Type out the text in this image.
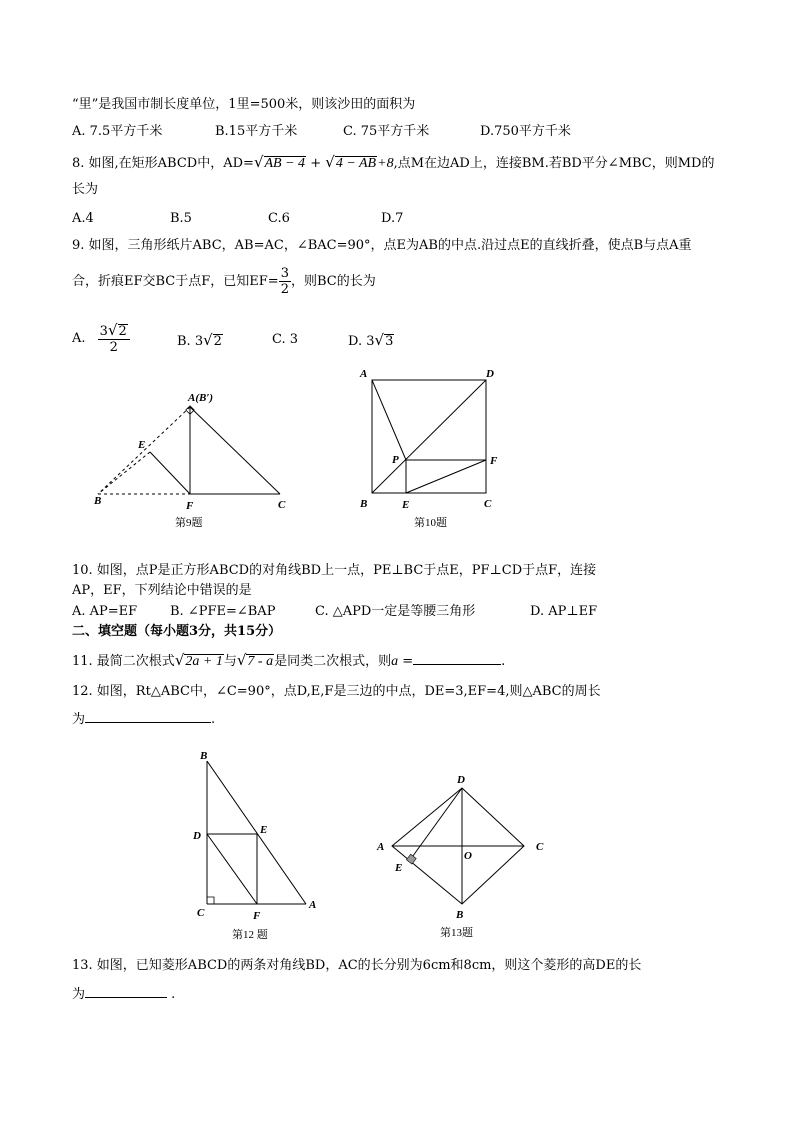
“里”是我国市制长度单位，1里=500米，则该沙田的面积为
A. 7.5平方千米	B.15平方千米	C. 75平方千米	D.750平方千米
8. 如图,在矩形ABCD中，AD=√AB − 4 + √4 − AB+8,点M在边AD上，连接BM.若BD平分∠MBC，则MD的
长为
A.4	B.5	C.6	D.7
9. 如图，三角形纸片ABC，AB=AC，∠BAC=90°，点E为AB的中点.沿过点E的直线折叠，使点B与点A重
合，折痕EF交BC于点F，已知$EF= \frac{3}{2}$ ，则BC的长为
A. $\frac{3√2}{2}$	B. 3√2	C. 3	D. 3√3
A(B′)
E
B	F	C
第9题
A	D
P	F
B	E	C
第10题
10. 如图，点P是正方形ABCD的对角线BD上一点，PE⊥BC于点E，PF⊥CD于点F，连接
AP，EF，下列结论中错误的是
A. AP=EF	B. ∠PFE=∠BAP	C. △APD一定是等腰三角形	D. AP⊥EF
二、填空题（每小题3分，共15分）
11. 最简二次根式√2a + 1与√7 - a是同类二次根式，则a =	.
12. 如图，Rt△ABC中，∠C=90°，点D,E,F是三边的中点，DE=3,EF=4,则△ABC的周长
为	.
B
D	E
C	F
A
第12 题
D
A
O
C
E
B
第13题
13. 如图，已知菱形ABCD的两条对角线BD，AC的长分别为6cm和8cm，则这个菱形的高DE的长
为	.
